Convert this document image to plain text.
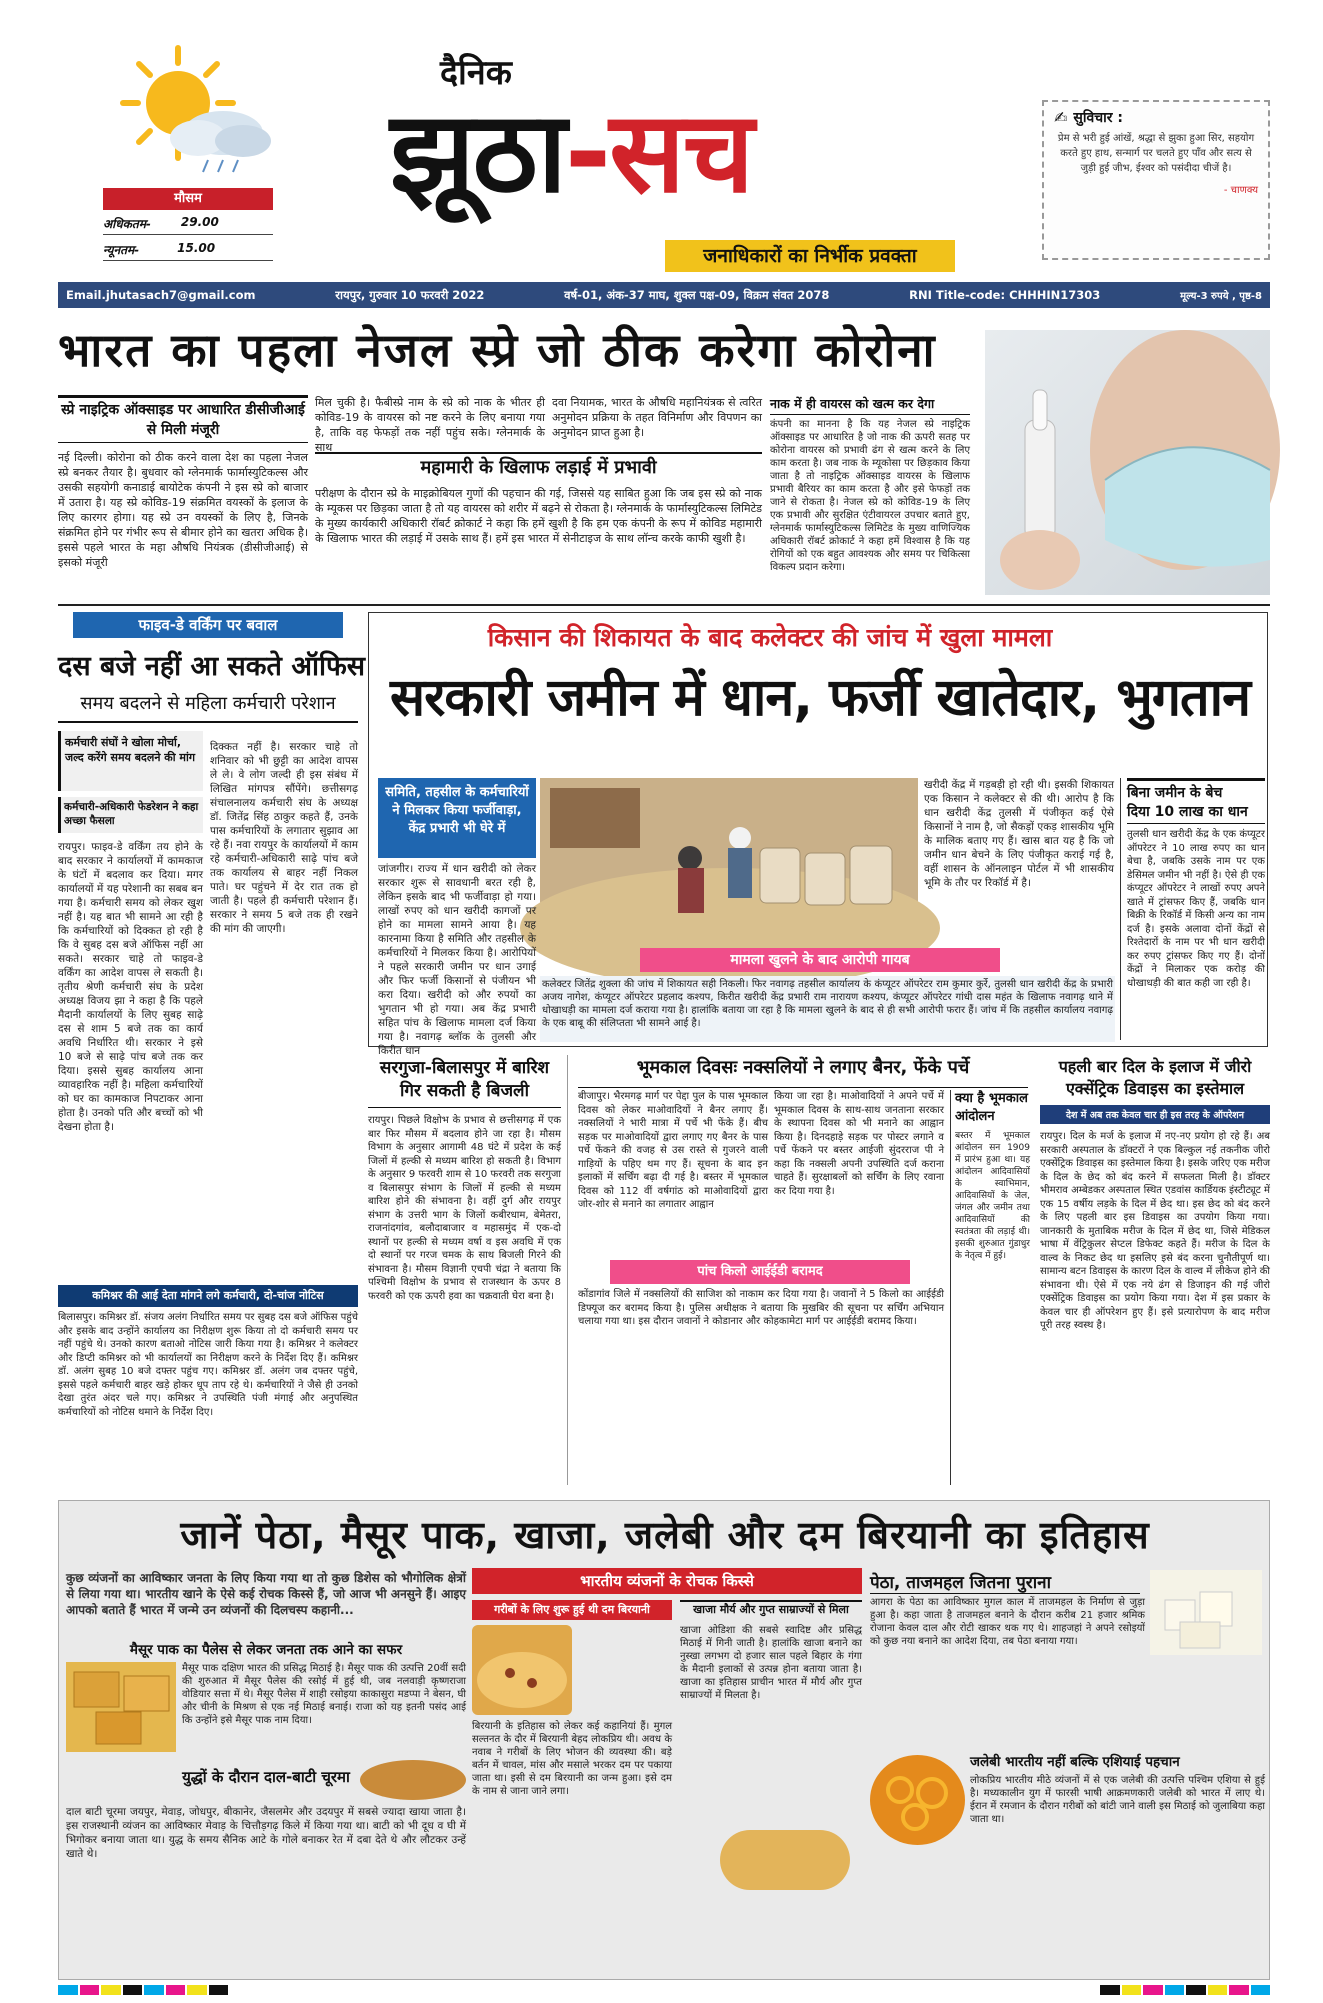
मौसम
अधिकतम-	29.00
न्यूनतम-	15.00
दैनिक
झूठा-सच
जनाधिकारों का निर्भीक प्रवक्ता
✍ सुविचार :
प्रेम से भरी हुई आंखें, श्रद्धा से झुका हुआ सिर, सहयोग करते हुए हाथ, सन्मार्ग पर चलते हुए पाँव और सत्य से जुड़ी हुई जीभ, ईश्वर को पसंदीदा चीजें है।
- चाणक्य
Email.jhutasach7@gmail.com	रायपुर, गुरुवार 10 फरवरी 2022	वर्ष-01, अंक-37 माघ, शुक्ल पक्ष-09, विक्रम संवत 2078	RNI Title-code: CHHHIN17303	मूल्य-3 रुपये , पृष्ठ-8
भारत का पहला नेजल स्प्रे जो ठीक करेगा कोरोना
स्प्रे नाइट्रिक ऑक्साइड पर आधारित डीसीजीआई से मिली मंजूरी
नई दिल्ली। कोरोना को ठीक करने वाला देश का पहला नेजल स्प्रे बनकर तैयार है। बुधवार को ग्लेनमार्क फार्मास्युटिकल्स और उसकी सहयोगी कनाडाई बायोटेक कंपनी ने इस स्प्रे को बाजार में उतारा है। यह स्प्रे कोविड-19 संक्रमित वयस्कों के इलाज के लिए कारगर होगा। यह स्प्रे उन वयस्कों के लिए है, जिनके संक्रमित होने पर गंभीर रूप से बीमार होने का खतरा अधिक है। इससे पहले भारत के महा औषधि नियंत्रक (डीसीजीआई) से इसको मंजूरी
मिल चुकी है। फैबीस्प्रे नाम के स्प्रे को नाक के भीतर ही कोविड-19 के वायरस को नष्ट करने के लिए बनाया गया है, ताकि वह फेफड़ों तक नहीं पहुंच सके। ग्लेनमार्क के साथ
दवा नियामक, भारत के औषधि महानियंत्रक से त्वरित अनुमोदन प्रक्रिया के तहत विनिर्माण और विपणन का अनुमोदन प्राप्त हुआ है।
महामारी के खिलाफ लड़ाई में प्रभावी
परीक्षण के दौरान स्प्रे के माइक्रोबियल गुणों की पहचान की गई, जिससे यह साबित हुआ कि जब इस स्प्रे को नाक के म्यूकस पर छिड़का जाता है तो यह वायरस को शरीर में बढ़ने से रोकता है। ग्लेनमार्क के फार्मास्युटिकल्स लिमिटेड के मुख्य कार्यकारी अधिकारी रॉबर्ट क्रोकार्ट ने कहा कि हमें खुशी है कि हम एक कंपनी के रूप में कोविड महामारी के खिलाफ भारत की लड़ाई में उसके साथ हैं। हमें इस भारत में सेनीटाइज के साथ लॉन्च करके काफी खुशी है।
नाक में ही वायरस को खत्म कर देगा
कंपनी का मानना है कि यह नेजल स्प्रे नाइट्रिक ऑक्साइड पर आधारित है जो नाक की ऊपरी सतह पर कोरोना वायरस को प्रभावी ढंग से खत्म करने के लिए काम करता है। जब नाक के म्यूकोसा पर छिड़काव किया जाता है तो नाइट्रिक ऑक्साइड वायरस के खिलाफ प्रभावी बैरियर का काम करता है और इसे फेफड़ों तक जाने से रोकता है। नेजल स्प्रे को कोविड-19 के लिए एक प्रभावी और सुरक्षित एंटीवायरल उपचार बताते हुए, ग्लेनमार्क फार्मास्युटिकल्स लिमिटेड के मुख्य वाणिज्यिक अधिकारी रॉबर्ट क्रोकार्ट ने कहा हमें विश्वास है कि यह रोगियों को एक बहुत आवश्यक और समय पर चिकित्सा विकल्प प्रदान करेगा।
फाइव-डे वर्किंग पर बवाल
दस बजे नहीं आ सकते ऑफिस
समय बदलने से महिला कर्मचारी परेशान
कर्मचारी संघों ने खोला मोर्चा, जल्द करेंगे समय बदलने की मांग
कर्मचारी-अधिकारी फेडरेशन ने कहा अच्छा फैसला
रायपुर। फाइव-डे वर्किंग तय होने के बाद सरकार ने कार्यालयों में कामकाज के घंटों में बदलाव कर दिया। मगर कार्यालयों में यह परेशानी का सबब बन गया है। कर्मचारी समय को लेकर खुश नहीं है। यह बात भी सामने आ रही है कि कर्मचारियों को दिक्कत हो रही है कि वे सुबह दस बजे ऑफिस नहीं आ सकते। सरकार चाहे तो फाइव-डे वर्किंग का आदेश वापस ले सकती है। तृतीय श्रेणी कर्मचारी संघ के प्रदेश अध्यक्ष विजय झा ने कहा है कि पहले मैदानी कार्यालयों के लिए सुबह साढ़े दस से शाम 5 बजे तक का कार्य अवधि निर्धारित थी। सरकार ने इसे 10 बजे से साढ़े पांच बजे तक कर दिया। इससे सुबह कार्यालय आना व्यावहारिक नहीं है। महिला कर्मचारियों को घर का कामकाज निपटाकर आना होता है। उनको पति और बच्चों को भी देखना होता है।
दिक्कत नहीं है। सरकार चाहे तो शनिवार को भी छुट्टी का आदेश वापस ले ले। वे लोग जल्दी ही इस संबंध में लिखित मांगपत्र सौंपेंगे। छत्तीसगढ़ संचालनालय कर्मचारी संघ के अध्यक्ष डॉ. जितेंद्र सिंह ठाकुर कहते हैं, उनके पास कर्मचारियों के लगातार सुझाव आ रहे हैं। नवा रायपुर के कार्यालयों में काम रहे कर्मचारी-अधिकारी साढ़े पांच बजे तक कार्यालय से बाहर नहीं निकल पाते। घर पहुंचने में देर रात तक हो जाती है। पहले ही कर्मचारी परेशान हैं। सरकार ने समय 5 बजे तक ही रखने की मांग की जाएगी।
कमिश्नर की आई देता मांगने लगे कर्मचारी, दो-चांज नोटिस
बिलासपुर। कमिश्नर डॉ. संजय अलंग निर्धारित समय पर सुबह दस बजे ऑफिस पहुंचे और इसके बाद उन्होंने कार्यालय का निरीक्षण शुरू किया तो दो कर्मचारी समय पर नहीं पहुंचे थे। उनको कारण बताओ नोटिस जारी किया गया है। कमिश्नर ने कलेक्टर और डिप्टी कमिश्नर को भी कार्यालयों का निरीक्षण करने के निर्देश दिए हैं। कमिश्नर डॉ. अलंग सुबह 10 बजे दफ्तर पहुंच गए। कमिश्नर डॉ. अलंग जब दफ्तर पहुंचे, इससे पहले कर्मचारी बाहर खड़े होकर धूप ताप रहे थे। कर्मचारियों ने जैसे ही उनको देखा तुरंत अंदर चले गए। कमिश्नर ने उपस्थिति पंजी मंगाई और अनुपस्थित कर्मचारियों को नोटिस थमाने के निर्देश दिए।
किसान की शिकायत के बाद कलेक्टर की जांच में खुला मामला
सरकारी जमीन में धान, फर्जी खातेदार, भुगतान
समिति, तहसील के कर्मचारियों ने मिलकर किया फर्जीवाड़ा, केंद्र प्रभारी भी घेरे में
जांजगीर। राज्य में धान खरीदी को लेकर सरकार शुरू से सावधानी बरत रही है, लेकिन इसके बाद भी फर्जीवाड़ा हो गया। लाखों रुपए को धान खरीदी कागजों पर होने का मामला सामने आया है। यह कारनामा किया है समिति और तहसील के कर्मचारियों ने मिलकर किया है। आरोपियों ने पहले सरकारी जमीन पर धान उगाई और फिर फर्जी किसानों से पंजीयन भी करा दिया। खरीदी को और रुपयों का भुगतान भी हो गया। अब केंद्र प्रभारी सहित पांच के खिलाफ मामला दर्ज किया गया है। नवागढ़ ब्लॉक के तुलसी और किरीत धान
खरीदी केंद्र में गड़बड़ी हो रही थी। इसकी शिकायत एक किसान ने कलेक्टर से की थी। आरोप है कि धान खरीदी केंद्र तुलसी में पंजीकृत कई ऐसे किसानों ने नाम है, जो सैकड़ों एकड़ शासकीय भूमि के मालिक बताए गए हैं। खास बात यह है कि जो जमीन धान बेचने के लिए पंजीकृत कराई गई है, वहीं शासन के ऑनलाइन पोर्टल में भी शासकीय भूमि के तौर पर रिकॉर्ड में है।
मामला खुलने के बाद आरोपी गायब
कलेक्टर जितेंद्र शुक्ला की जांच में शिकायत सही निकली। फिर नवागढ़ तहसील कार्यालय के कंप्यूटर ऑपरेटर राम कुमार कुर्रे, तुलसी धान खरीदी केंद्र के प्रभारी अजय नागेश, कंप्यूटर ऑपरेटर प्रहलाद कश्यप, किरीत खरीदी केंद्र प्रभारी राम नारायण कश्यप, कंप्यूटर ऑपरेटर गांधी दास महंत के खिलाफ नवागढ़ थाने में धोखाधड़ी का मामला दर्ज कराया गया है। हालांकि बताया जा रहा है कि मामला खुलने के बाद से ही सभी आरोपी फरार हैं। जांच में कि तहसील कार्यालय नवागढ़ के एक बाबू की संलिप्तता भी सामने आई है।
बिना जमीन के बेच
दिया 10 लाख का धान
तुलसी धान खरीदी केंद्र के एक कंप्यूटर ऑपरेटर ने 10 लाख रुपए का धान बेचा है, जबकि उसके नाम पर एक डेसिमल जमीन भी नहीं है। ऐसे ही एक कंप्यूटर ऑपरेटर ने लाखों रुपए अपने खाते में ट्रांसफर किए हैं, जबकि धान बिक्री के रिकॉर्ड में किसी अन्य का नाम दर्ज है। इसके अलावा दोनों केंद्रों से रिश्तेदारों के नाम पर भी धान खरीदी कर रुपए ट्रांसफर किए गए हैं। दोनों केंद्रों ने मिलाकर एक करोड़ की धोखाधड़ी की बात कही जा रही है।
सरगुजा-बिलासपुर में बारिश
गिर सकती है बिजली
रायपुर। पिछले विक्षोभ के प्रभाव से छत्तीसगढ़ में एक बार फिर मौसम में बदलाव होने जा रहा है। मौसम विभाग के अनुसार आगामी 48 घंटे में प्रदेश के कई जिलों में हल्की से मध्यम बारिश हो सकती है। विभाग के अनुसार 9 फरवरी शाम से 10 फरवरी तक सरगुजा व बिलासपुर संभाग के जिलों में हल्की से मध्यम बारिश होने की संभावना है। वहीं दुर्ग और रायपुर संभाग के उत्तरी भाग के जिलों कबीरधाम, बेमेतरा, राजनांदगांव, बलौदाबाजार व महासमुंद में एक-दो स्थानों पर हल्की से मध्यम वर्षा व इस अवधि में एक दो स्थानों पर गरज चमक के साथ बिजली गिरने की संभावना है। मौसम विज्ञानी एचपी चंद्रा ने बताया कि पश्चिमी विक्षोभ के प्रभाव से राजस्थान के ऊपर 8 फरवरी को एक ऊपरी हवा का चक्रवाती घेरा बना है।
भूमकाल दिवसः नक्सलियों ने लगाए बैनर, फेंके पर्चे
बीजापुर। भैरमगढ़ मार्ग पर पेद्दा पुल के पास भूमकाल दिवस को लेकर माओवादियों ने बैनर लगाए हैं। नक्सलियों ने भारी मात्रा में पर्चे भी फेंके हैं। बीच सड़क पर माओवादियों द्वारा लगाए गए बैनर के पास पर्चे फेंकने की वजह से उस रास्ते से गुजरने वाली गाड़ियों के पहिए थम गए हैं। सूचना के बाद इन इलाकों में सर्चिंग बढ़ा दी गई है। बस्तर में भूमकाल दिवस को 112 वीं वर्षगांठ को माओवादियों द्वारा जोर-शोर से मनाने का लगातार आह्वान
किया जा रहा है। माओवादियों ने अपने पर्चे में भूमकाल दिवस के साथ-साथ जनताना सरकार के स्थापना दिवस को भी मनाने का आह्वान किया है। दिनदहाड़े सड़क पर पोस्टर लगाने व पर्चे फेंकने पर बस्तर आईजी सुंदरराज पी ने कहा कि नक्सली अपनी उपस्थिति दर्ज कराना चाहते हैं। सुरक्षाबलों को सर्चिंग के लिए रवाना कर दिया गया है।
क्या है भूमकाल आंदोलन
बस्तर में भूमकाल आंदोलन सन 1909 में प्रारंभ हुआ था। यह आंदोलन आदिवासियों के स्वाभिमान, आदिवासियों के जेल, जंगल और जमीन तथा आदिवासियों की स्वतंत्रता की लड़ाई थी। इसकी शुरुआत गुंडाधुर के नेतृत्व में हुई।
पांच किलो आईईडी बरामद
कोंडागांव जिले में नक्सलियों की साजिश को नाकाम कर दिया गया है। जवानों ने 5 किलो का आईईडी डिफ्यूज कर बरामद किया है। पुलिस अधीक्षक ने बताया कि मुखबिर की सूचना पर सर्चिंग अभियान चलाया गया था। इस दौरान जवानों ने कोडानार और कोहकामेटा मार्ग पर आईईडी बरामद किया।
पहली बार दिल के इलाज में जीरो
एक्सेंट्रिक डिवाइस का इस्तेमाल
देश में अब तक केवल चार ही इस तरह के ऑपरेशन
रायपुर। दिल के मर्ज के इलाज में नए-नए प्रयोग हो रहे हैं। अब सरकारी अस्पताल के डॉक्टरों ने एक बिल्कुल नई तकनीक जीरो एक्सेंट्रिक डिवाइस का इस्तेमाल किया है। इसके जरिए एक मरीज के दिल के छेद को बंद करने में सफलता मिली है। डॉक्टर भीमराव अम्बेडकर अस्पताल स्थित एडवांस कार्डियक इंस्टीट्यूट में एक 15 वर्षीय लड़के के दिल में छेद था। इस छेद को बंद करने के लिए पहली बार इस डिवाइस का उपयोग किया गया। जानकारी के मुताबिक मरीज के दिल में छेद था, जिसे मेडिकल भाषा में वेंट्रिकुलर सेप्टल डिफेक्ट कहते हैं। मरीज के दिल के वाल्व के निकट छेद था इसलिए इसे बंद करना चुनौतीपूर्ण था। सामान्य बटन डिवाइस के कारण दिल के वाल्व में लीकेज होने की संभावना थी। ऐसे में एक नये ढंग से डिजाइन की गई जीरो एक्सेंट्रिक डिवाइस का प्रयोग किया गया। देश में इस प्रकार के केवल चार ही ऑपरेशन हुए हैं। इसे प्रत्यारोपण के बाद मरीज पूरी तरह स्वस्थ है।
जानें पेठा, मैसूर पाक, खाजा, जलेबी और दम बिरयानी का इतिहास
कुछ व्यंजनों का आविष्कार जनता के लिए किया गया था तो कुछ डिशेस को भौगोलिक क्षेत्रों से लिया गया था। भारतीय खाने के ऐसे कई रोचक किस्से हैं, जो आज भी अनसुने हैं। आइए आपको बताते हैं भारत में जन्मे उन व्यंजनों की दिलचस्प कहानी...
मैसूर पाक का पैलेस से लेकर जनता तक आने का सफर
मैसूर पाक दक्षिण भारत की प्रसिद्ध मिठाई है। मैसूर पाक की उत्पत्ति 20वीं सदी की शुरुआत में मैसूर पैलेस की रसोई में हुई थी, जब नलवाड़ी कृष्णराजा वोडियार सत्ता में थे। मैसूर पैलेस में शाही रसोइया काकासुरा मडप्पा ने बेसन, घी और चीनी के मिश्रण से एक नई मिठाई बनाई। राजा को यह इतनी पसंद आई कि उन्होंने इसे मैसूर पाक नाम दिया।
युद्धों के दौरान दाल-बाटी चूरमा
दाल बाटी चूरमा जयपुर, मेवाड़, जोधपुर, बीकानेर, जैसलमेर और उदयपुर में सबसे ज्यादा खाया जाता है। इस राजस्थानी व्यंजन का आविष्कार मेवाड़ के चित्तौड़गढ़ किले में किया गया था। बाटी को भी दूध व घी में भिगोकर बनाया जाता था। युद्ध के समय सैनिक आटे के गोले बनाकर रेत में दबा देते थे और लौटकर उन्हें खाते थे।
भारतीय व्यंजनों के रोचक किस्से
गरीबों के लिए शुरू हुई थी दम बिरयानी
बिरयानी के इतिहास को लेकर कई कहानियां हैं। मुगल सल्तनत के दौर में बिरयानी बेहद लोकप्रिय थी। अवध के नवाब ने गरीबों के लिए भोजन की व्यवस्था की। बड़े बर्तन में चावल, मांस और मसाले भरकर दम पर पकाया जाता था। इसी से दम बिरयानी का जन्म हुआ। इसे दम के नाम से जाना जाने लगा।
खाजा मौर्य और गुप्त साम्राज्यों से मिला
खाजा ओडिशा की सबसे स्वादिष्ट और प्रसिद्ध मिठाई में गिनी जाती है। हालांकि खाजा बनाने का नुस्खा लगभग दो हजार साल पहले बिहार के गंगा के मैदानी इलाकों से उत्पन्न होना बताया जाता है। खाजा का इतिहास प्राचीन भारत में मौर्य और गुप्त साम्राज्यों में मिलता है।
पेठा, ताजमहल जितना पुराना
आगरा के पेठा का आविष्कार मुगल काल में ताजमहल के निर्माण से जुड़ा हुआ है। कहा जाता है ताजमहल बनाने के दौरान करीब 21 हजार श्रमिक रोजाना केवल दाल और रोटी खाकर थक गए थे। शाहजहां ने अपने रसोइयों को कुछ नया बनाने का आदेश दिया, तब पेठा बनाया गया।
जलेबी भारतीय नहीं बल्कि एशियाई पहचान
लोकप्रिय भारतीय मीठे व्यंजनों में से एक जलेबी की उत्पत्ति पश्चिम एशिया से हुई है। मध्यकालीन युग में फारसी भाषी आक्रमणकारी जलेबी को भारत में लाए थे। ईरान में रमजान के दौरान गरीबों को बांटी जाने वाली इस मिठाई को जुलाबिया कहा जाता था।
